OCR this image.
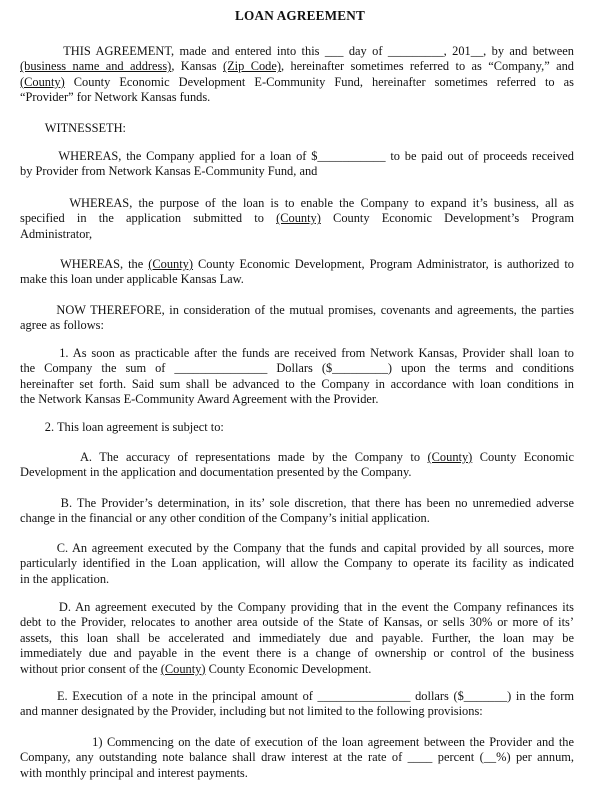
LOAN AGREEMENT
THIS AGREEMENT, made and entered into this ___ day of _________, 201__, by and between
(business name and address), Kansas (Zip Code), hereinafter sometimes referred to as “Company,” and
(County) County Economic Development E-Community Fund, hereinafter sometimes referred to as
“Provider” for Network Kansas funds.
WITNESSETH:
WHEREAS, the Company applied for a loan of $___________ to be paid out of proceeds received
by Provider from Network Kansas E-Community Fund, and
WHEREAS, the purpose of the loan is to enable the Company to expand it’s business, all as
specified in the application submitted to (County) County Economic Development’s Program
Administrator,
WHEREAS, the (County) County Economic Development, Program Administrator, is authorized to
make this loan under applicable Kansas Law.
NOW THEREFORE, in consideration of the mutual promises, covenants and agreements, the parties
agree as follows:
1. As soon as practicable after the funds are received from Network Kansas, Provider shall loan to
the Company the sum of _______________ Dollars ($_________) upon the terms and conditions
hereinafter set forth. Said sum shall be advanced to the Company in accordance with loan conditions in
the Network Kansas E-Community Award Agreement with the Provider.
2. This loan agreement is subject to:
A. The accuracy of representations made by the Company to (County) County Economic
Development in the application and documentation presented by the Company.
B. The Provider’s determination, in its’ sole discretion, that there has been no unremedied adverse
change in the financial or any other condition of the Company’s initial application.
C. An agreement executed by the Company that the funds and capital provided by all sources, more
particularly identified in the Loan application, will allow the Company to operate its facility as indicated
in the application.
D. An agreement executed by the Company providing that in the event the Company refinances its
debt to the Provider, relocates to another area outside of the State of Kansas, or sells 30% or more of its’
assets, this loan shall be accelerated and immediately due and payable. Further, the loan may be
immediately due and payable in the event there is a change of ownership or control of the business
without prior consent of the (County) County Economic Development.
E. Execution of a note in the principal amount of _______________ dollars ($_______) in the form
and manner designated by the Provider, including but not limited to the following provisions:
1) Commencing on the date of execution of the loan agreement between the Provider and the
Company, any outstanding note balance shall draw interest at the rate of ____ percent (__%) per annum,
with monthly principal and interest payments.
